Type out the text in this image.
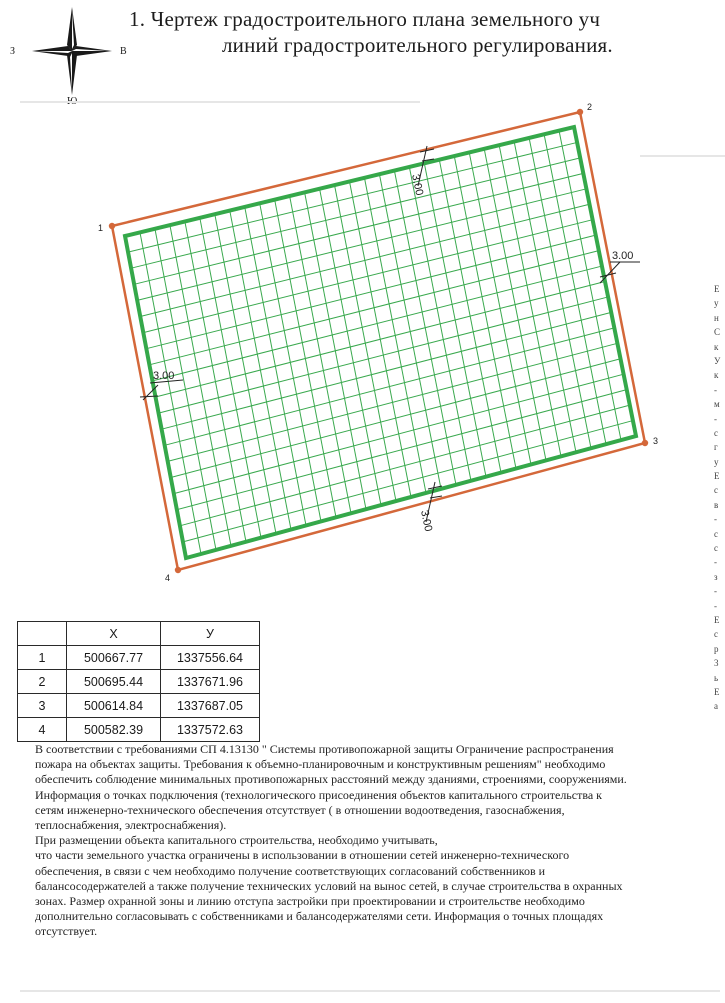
З	В
1. Чертеж градостроительного плана земельного уч
линий градостроительного регулирования.
1
2
3
4
3.00
3.00
3.00
3.00
	X	У
1	500667.77	1337556.64
2	500695.44	1337671.96
3	500614.84	1337687.05
4	500582.39	1337572.63

В соответствии с требованиями СП 4.13130 " Системы противопожарной защиты Ограничение распространения

пожара на объектах защиты. Требования к объемно-планировочным и конструктивным решениям" необходимо

обеспечить соблюдение минимальных противопожарных расстояний между зданиями, строениями, сооружениями.

Информация о точках подключения (технологического присоединения объектов капитального строительства к

сетям инженерно-технического обеспечения отсутствует ( в отношении водоотведения, газоснабжения,

теплоснабжения, электроснабжения).

При размещении объекта капитального строительства, необходимо учитывать,

что части земельного участка ограничены в использовании в отношении сетей инженерно-технического

обеспечения, в связи с чем необходимо получение соответствующих согласований собственников и

балансосодержателей а также получение технических условий на вынос сетей, в случае строительства в охранных

зонах. Размер охранной зоны и линию отступа застройки при проектировании и строительстве необходимо

дополнительно согласовывать с собственниками и балансодержателями сети. Информация о точных площадях

отсутствует.

Е
у
н
С
к
У
к
-
м
-
с
г
у
Е
с
в
-
с
с
-
з
-
-
Е
с
р
3
ь
Е
а
